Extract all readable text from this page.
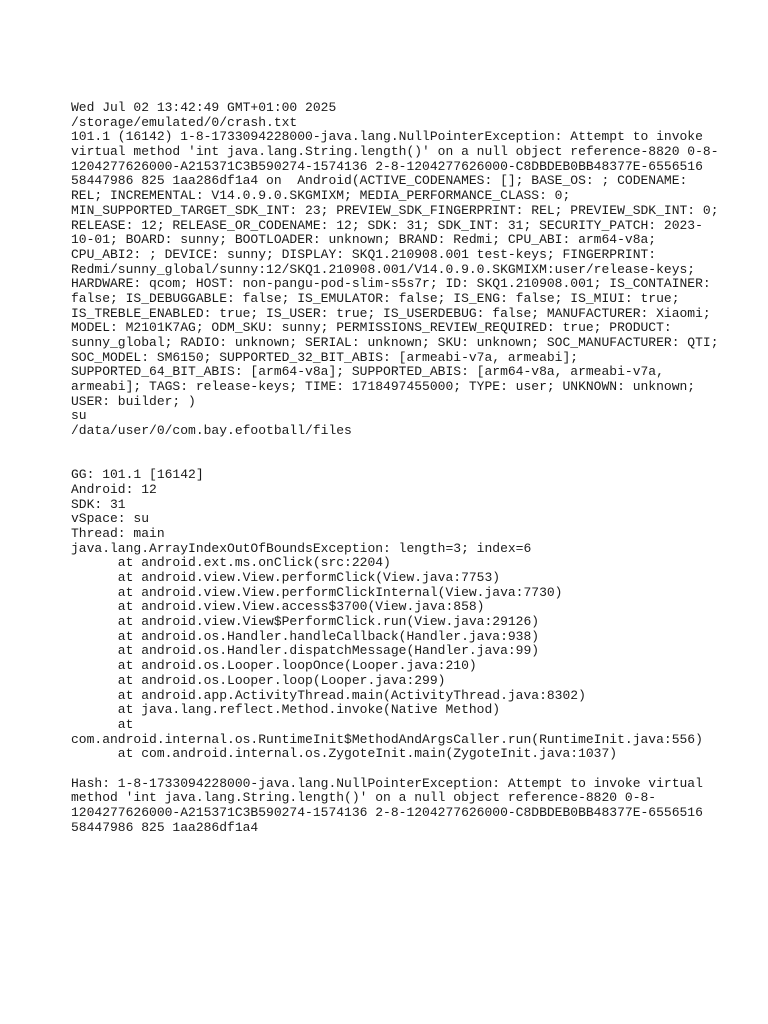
Wed Jul 02 13:42:49 GMT+01:00 2025
/storage/emulated/0/crash.txt
101.1 (16142) 1-8-1733094228000-java.lang.NullPointerException: Attempt to invoke
virtual method 'int java.lang.String.length()' on a null object reference-8820 0-8-
1204277626000-A215371C3B590274-1574136 2-8-1204277626000-C8DBDEB0BB48377E-6556516
58447986 825 1aa286df1a4 on  Android(ACTIVE_CODENAMES: []; BASE_OS: ; CODENAME:
REL; INCREMENTAL: V14.0.9.0.SKGMIXM; MEDIA_PERFORMANCE_CLASS: 0;
MIN_SUPPORTED_TARGET_SDK_INT: 23; PREVIEW_SDK_FINGERPRINT: REL; PREVIEW_SDK_INT: 0;
RELEASE: 12; RELEASE_OR_CODENAME: 12; SDK: 31; SDK_INT: 31; SECURITY_PATCH: 2023-
10-01; BOARD: sunny; BOOTLOADER: unknown; BRAND: Redmi; CPU_ABI: arm64-v8a;
CPU_ABI2: ; DEVICE: sunny; DISPLAY: SKQ1.210908.001 test-keys; FINGERPRINT:
Redmi/sunny_global/sunny:12/SKQ1.210908.001/V14.0.9.0.SKGMIXM:user/release-keys;
HARDWARE: qcom; HOST: non-pangu-pod-slim-s5s7r; ID: SKQ1.210908.001; IS_CONTAINER:
false; IS_DEBUGGABLE: false; IS_EMULATOR: false; IS_ENG: false; IS_MIUI: true;
IS_TREBLE_ENABLED: true; IS_USER: true; IS_USERDEBUG: false; MANUFACTURER: Xiaomi;
MODEL: M2101K7AG; ODM_SKU: sunny; PERMISSIONS_REVIEW_REQUIRED: true; PRODUCT:
sunny_global; RADIO: unknown; SERIAL: unknown; SKU: unknown; SOC_MANUFACTURER: QTI;
SOC_MODEL: SM6150; SUPPORTED_32_BIT_ABIS: [armeabi-v7a, armeabi];
SUPPORTED_64_BIT_ABIS: [arm64-v8a]; SUPPORTED_ABIS: [arm64-v8a, armeabi-v7a,
armeabi]; TAGS: release-keys; TIME: 1718497455000; TYPE: user; UNKNOWN: unknown;
USER: builder; )
su
/data/user/0/com.bay.efootball/files
GG: 101.1 [16142]
Android: 12
SDK: 31
vSpace: su
Thread: main
java.lang.ArrayIndexOutOfBoundsException: length=3; index=6
at android.ext.ms.onClick(src:2204)
at android.view.View.performClick(View.java:7753)
at android.view.View.performClickInternal(View.java:7730)
at android.view.View.access$3700(View.java:858)
at android.view.View$PerformClick.run(View.java:29126)
at android.os.Handler.handleCallback(Handler.java:938)
at android.os.Handler.dispatchMessage(Handler.java:99)
at android.os.Looper.loopOnce(Looper.java:210)
at android.os.Looper.loop(Looper.java:299)
at android.app.ActivityThread.main(ActivityThread.java:8302)
at java.lang.reflect.Method.invoke(Native Method)
at
com.android.internal.os.RuntimeInit$MethodAndArgsCaller.run(RuntimeInit.java:556)
at com.android.internal.os.ZygoteInit.main(ZygoteInit.java:1037)
Hash: 1-8-1733094228000-java.lang.NullPointerException: Attempt to invoke virtual
method 'int java.lang.String.length()' on a null object reference-8820 0-8-
1204277626000-A215371C3B590274-1574136 2-8-1204277626000-C8DBDEB0BB48377E-6556516
58447986 825 1aa286df1a4
